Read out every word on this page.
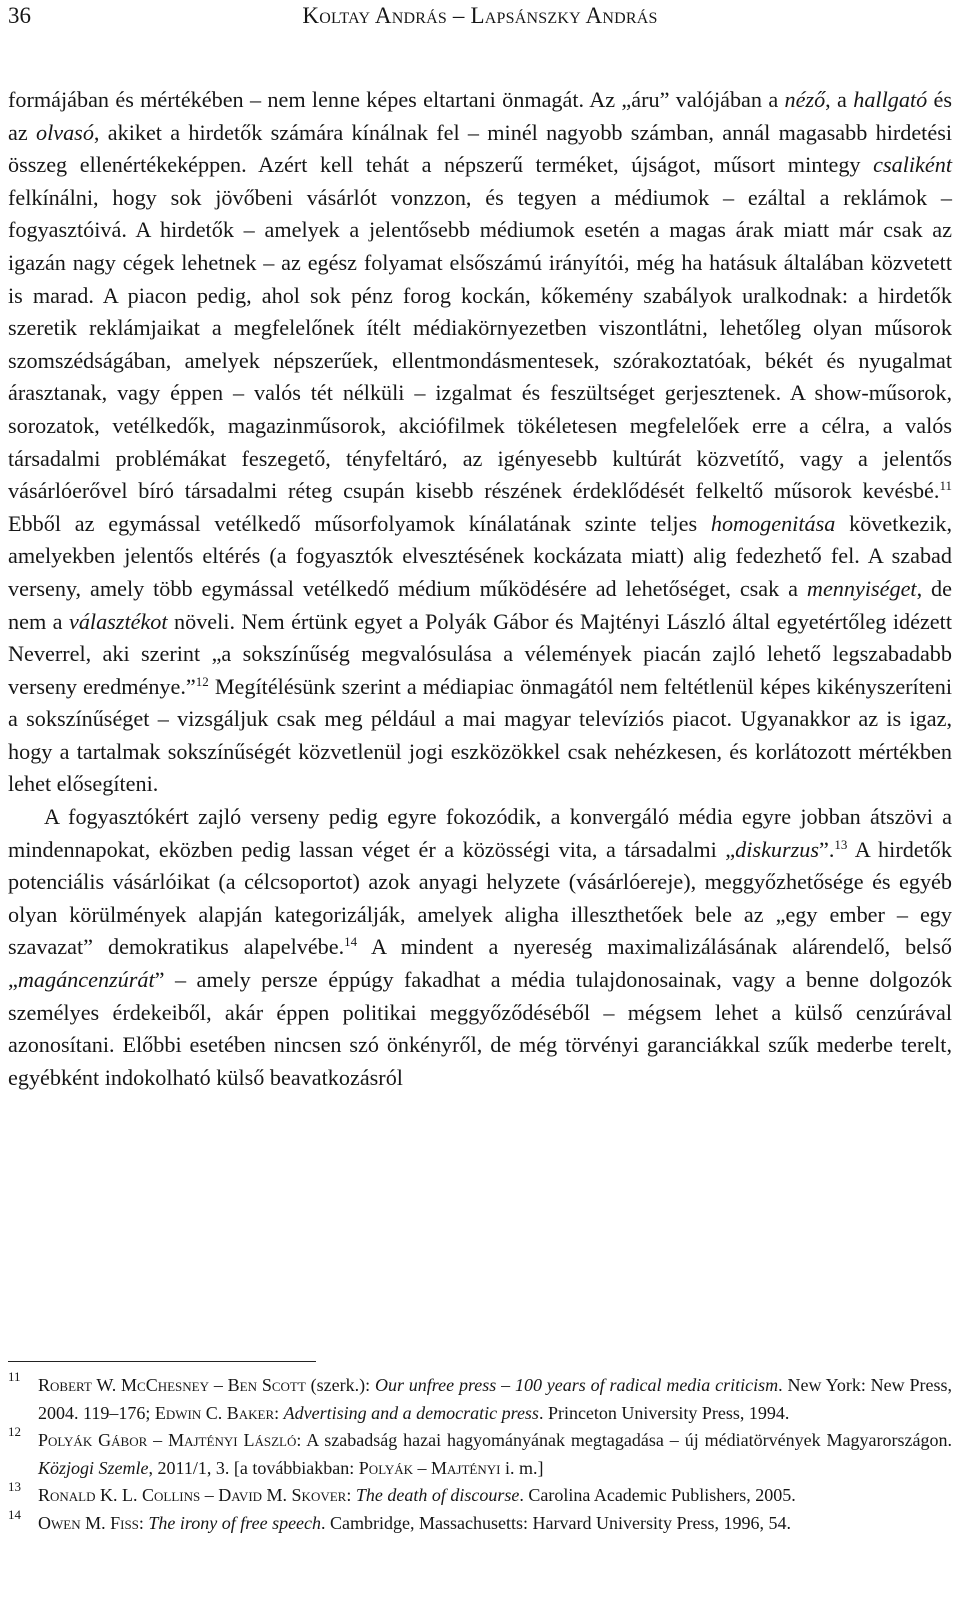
36	Koltay András – Lapsánszky András

formájában és mértékében – nem lenne képes eltartani önmagát. Az „áru” valójában a néző, a hallgató és az olvasó, akiket a hirdetők számára kínálnak fel – minél nagyobb számban, annál magasabb hirdetési összeg ellenértékeképpen. Azért kell tehát a népszerű terméket, újságot, műsort mintegy csaliként felkínálni, hogy sok jövőbeni vásárlót vonzzon, és tegyen a médiumok – ezáltal a reklámok – fogyasztóivá. A hirdetők – amelyek a jelentősebb médiumok esetén a magas árak miatt már csak az igazán nagy cégek lehetnek – az egész folyamat elsőszámú irányítói, még ha hatásuk általában közvetett is marad. A piacon pedig, ahol sok pénz forog kockán, kőkemény szabályok uralkodnak: a hirdetők szeretik reklámjaikat a megfelelőnek ítélt médiakörnyezetben viszontlátni, lehetőleg olyan műsorok szomszédságában, amelyek népszerűek, ellentmondásmentesek, szórakoztatóak, békét és nyugalmat árasztanak, vagy éppen – valós tét nélküli – izgalmat és feszültséget gerjesztenek. A show-műsorok, sorozatok, vetélkedők, magazinműsorok, akciófilmek tökéletesen megfelelőek erre a célra, a valós társadalmi problémákat feszegető, tényfeltáró, az igényesebb kultúrát közvetítő, vagy a jelentős vásárlóerővel bíró társadalmi réteg csupán kisebb részének érdeklődését felkeltő műsorok kevésbé.$^{11}$ Ebből az egymással vetélkedő műsorfolyamok kínálatának szinte teljes homogenitása következik, amelyekben jelentős eltérés (a fogyasztók elvesztésének kockázata miatt) alig fedezhető fel. A szabad verseny, amely több egymással vetélkedő médium működésére ad lehetőséget, csak a mennyiséget, de nem a választékot növeli. Nem értünk egyet a Polyák Gábor és Majtényi László által egyetértőleg idézett Neverrel, aki szerint „a sokszínűség megvalósulása a vélemények piacán zajló lehető legszabadabb verseny eredménye.”$^{12}$ Megítélésünk szerint a médiapiac önmagától nem feltétlenül képes kikényszeríteni a sokszínűséget – vizsgáljuk csak meg például a mai magyar televíziós piacot. Ugyanakkor az is igaz, hogy a tartalmak sokszínűségét közvetlenül jogi eszközökkel csak nehézkesen, és korlátozott mértékben lehet elősegíteni.

A fogyasztókért zajló verseny pedig egyre fokozódik, a konvergáló média egyre jobban átszövi a mindennapokat, eközben pedig lassan véget ér a közösségi vita, a társadalmi „diskurzus”.$^{13}$ A hirdetők potenciális vásárlóikat (a célcsoportot) azok anyagi helyzete (vásárlóereje), meggyőzhetősége és egyéb olyan körülmények alapján kategorizálják, amelyek aligha illeszthetőek bele az „egy ember – egy szavazat” demokratikus alapelvébe.$^{14}$ A mindent a nyereség maximalizálásának alárendelő, belső „magáncenzúrát” – amely persze éppúgy fakadhat a média tulajdonosainak, vagy a benne dolgozók személyes érdekeiből, akár éppen politikai meggyőződéséből – mégsem lehet a külső cenzúrával azonosítani. Előbbi esetében nincsen szó önkényről, de még törvényi garanciákkal szűk mederbe terelt, egyébként indokolható külső beavatkozásról

$^{11}$ Robert W. McChesney – Ben Scott (szerk.): Our unfree press – 100 years of radical media criticism. New York: New Press, 2004. 119–176; Edwin C. Baker: Advertising and a democratic press. Princeton University Press, 1994.
$^{12}$ Polyák Gábor – Majtényi László: A szabadság hazai hagyományának megtagadása – új médiatörvények Magyarországon. Közjogi Szemle, 2011/1, 3. [a továbbiakban: Polyák – Majtényi i. m.]
$^{13}$ Ronald K. L. Collins – David M. Skover: The death of discourse. Carolina Academic Publishers, 2005.
$^{14}$ Owen M. Fiss: The irony of free speech. Cambridge, Massachusetts: Harvard University Press, 1996, 54.
